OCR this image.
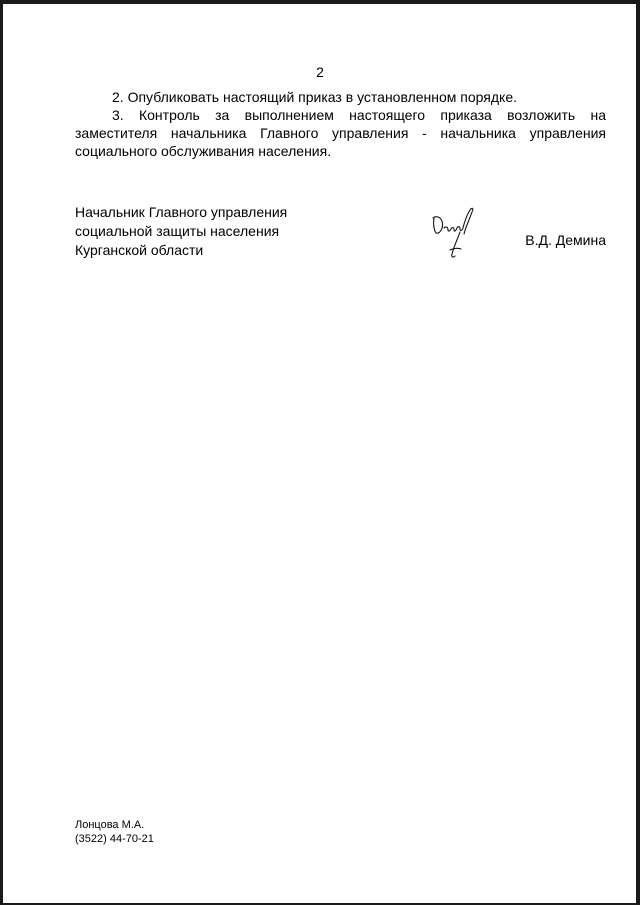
2

2. Опубликовать настоящий приказ в установленном порядке.

3. Контроль за выполнением настоящего приказа возложить на заместителя начальника Главного управления - начальника управления социального обслуживания населения.

Начальник Главного управления
социальной защиты населения
Курганской области
В.Д. Демина
Лонцова М.А.
(3522) 44-70-21
